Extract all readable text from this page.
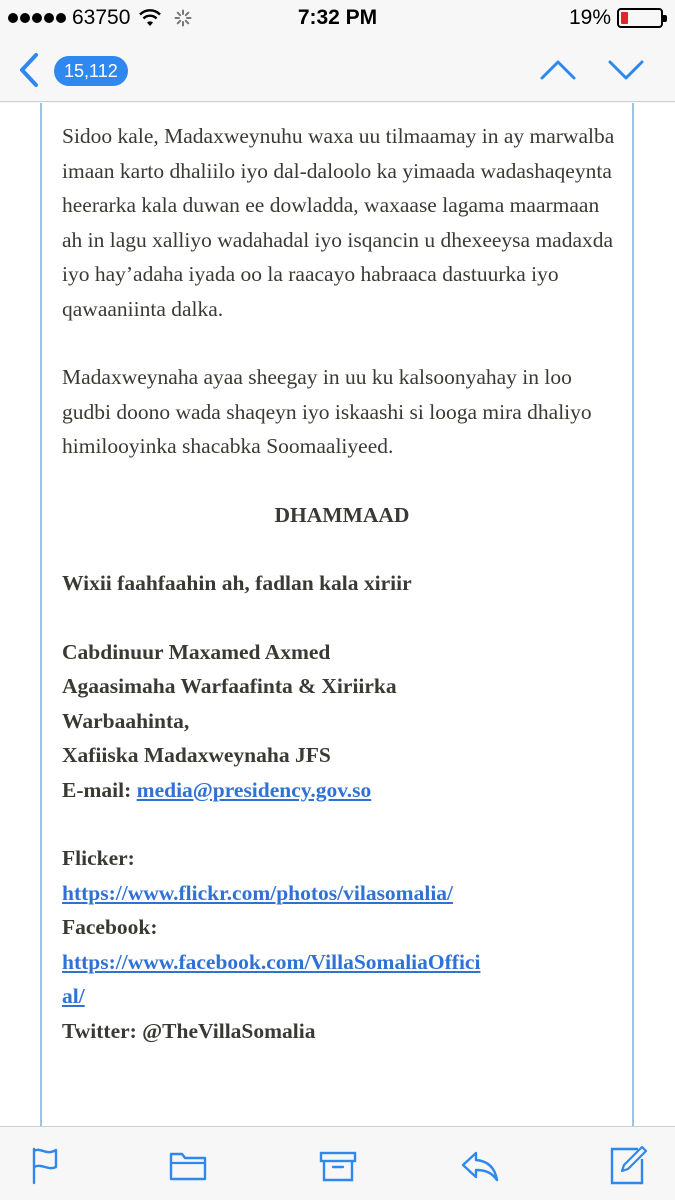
63750	7:32 PM	19%
15,112

Sidoo kale, Madaxweynuhu waxa uu tilmaamay in ay marwalba imaan karto dhaliilo iyo dal-daloolo ka yimaada wadashaqeynta heerarka kala duwan ee dowladda, waxaase lagama maarmaan ah in lagu xalliyo wadahadal iyo isqancin u dhexeeysa madaxda iyo hay’adaha iyada oo la raacayo habraaca dastuurka iyo qawaaniinta dalka.

Madaxweynaha ayaa sheegay in uu ku kalsoonyahay in loo gudbi doono wada shaqeyn iyo iskaashi si looga mira dhaliyo himilooyinka shacabka Soomaaliyeed.

DHAMMAAD

Wixii faahfaahin ah, fadlan kala xiriir

Cabdinuur Maxamed Axmed

Agaasimaha Warfaafinta & Xiriirka

Warbaahinta,

Xafiiska Madaxweynaha JFS

E-mail: media@presidency.gov.so

Flicker:

https://www.flickr.com/photos/vilasomalia/

Facebook:

https://www.facebook.com/VillaSomaliaOffici

al/

Twitter: @TheVillaSomalia
